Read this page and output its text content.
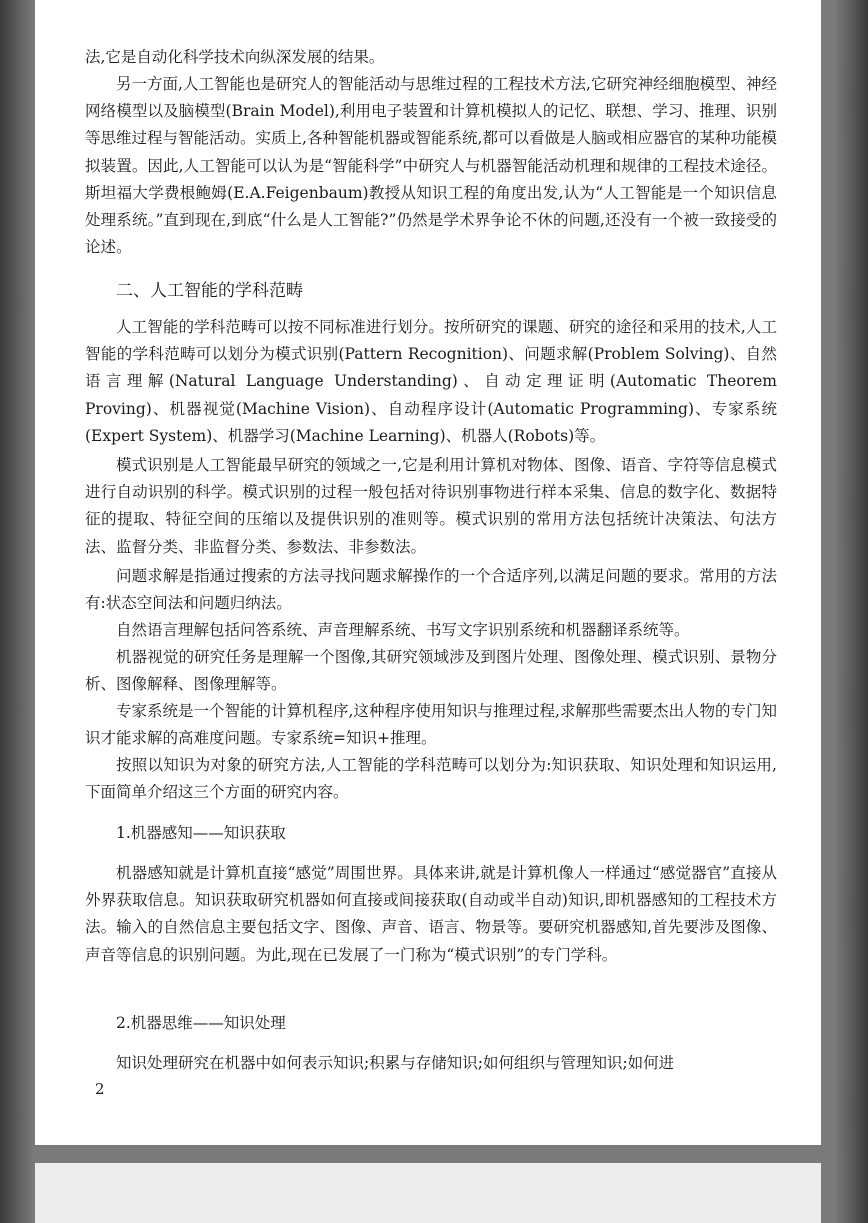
法,它是自动化科学技术向纵深发展的结果。

另一方面,人工智能也是研究人的智能活动与思维过程的工程技术方法,它研究神经细胞模型、神经网络模型以及脑模型(Brain Model),利用电子装置和计算机模拟人的记忆、联想、学习、推理、识别等思维过程与智能活动。实质上,各种智能机器或智能系统,都可以看做是人脑或相应器官的某种功能模拟装置。因此,人工智能可以认为是“智能科学”中研究人与机器智能活动机理和规律的工程技术途径。斯坦福大学费根鲍姆(E.A.Feigenbaum)教授从知识工程的角度出发,认为“人工智能是一个知识信息处理系统。”直到现在,到底“什么是人工智能?”仍然是学术界争论不休的问题,还没有一个被一致接受的论述。

二、人工智能的学科范畴

人工智能的学科范畴可以按不同标准进行划分。按所研究的课题、研究的途径和采用的技术,人工智能的学科范畴可以划分为模式识别(Pattern Recognition)、问题求解(Problem Solving)、自然语言理解(Natural Language Understanding)、自动定理证明(Automatic Theorem Proving)、机器视觉(Machine Vision)、自动程序设计(Automatic Programming)、专家系统(Expert System)、机器学习(Machine Learning)、机器人(Robots)等。

模式识别是人工智能最早研究的领域之一,它是利用计算机对物体、图像、语音、字符等信息模式进行自动识别的科学。模式识别的过程一般包括对待识别事物进行样本采集、信息的数字化、数据特征的提取、特征空间的压缩以及提供识别的准则等。模式识别的常用方法包括统计决策法、句法方法、监督分类、非监督分类、参数法、非参数法。

问题求解是指通过搜索的方法寻找问题求解操作的一个合适序列,以满足问题的要求。常用的方法有:状态空间法和问题归纳法。

自然语言理解包括问答系统、声音理解系统、书写文字识别系统和机器翻译系统等。

机器视觉的研究任务是理解一个图像,其研究领域涉及到图片处理、图像处理、模式识别、景物分析、图像解释、图像理解等。

专家系统是一个智能的计算机程序,这种程序使用知识与推理过程,求解那些需要杰出人物的专门知识才能求解的高难度问题。专家系统=知识+推理。

按照以知识为对象的研究方法,人工智能的学科范畴可以划分为:知识获取、知识处理和知识运用,下面简单介绍这三个方面的研究内容。

1.机器感知——知识获取

机器感知就是计算机直接“感觉”周围世界。具体来讲,就是计算机像人一样通过“感觉器官”直接从外界获取信息。知识获取研究机器如何直接或间接获取(自动或半自动)知识,即机器感知的工程技术方法。输入的自然信息主要包括文字、图像、声音、语言、物景等。要研究机器感知,首先要涉及图像、声音等信息的识别问题。为此,现在已发展了一门称为“模式识别”的专门学科。

2.机器思维——知识处理

知识处理研究在机器中如何表示知识;积累与存储知识;如何组织与管理知识;如何进

2
